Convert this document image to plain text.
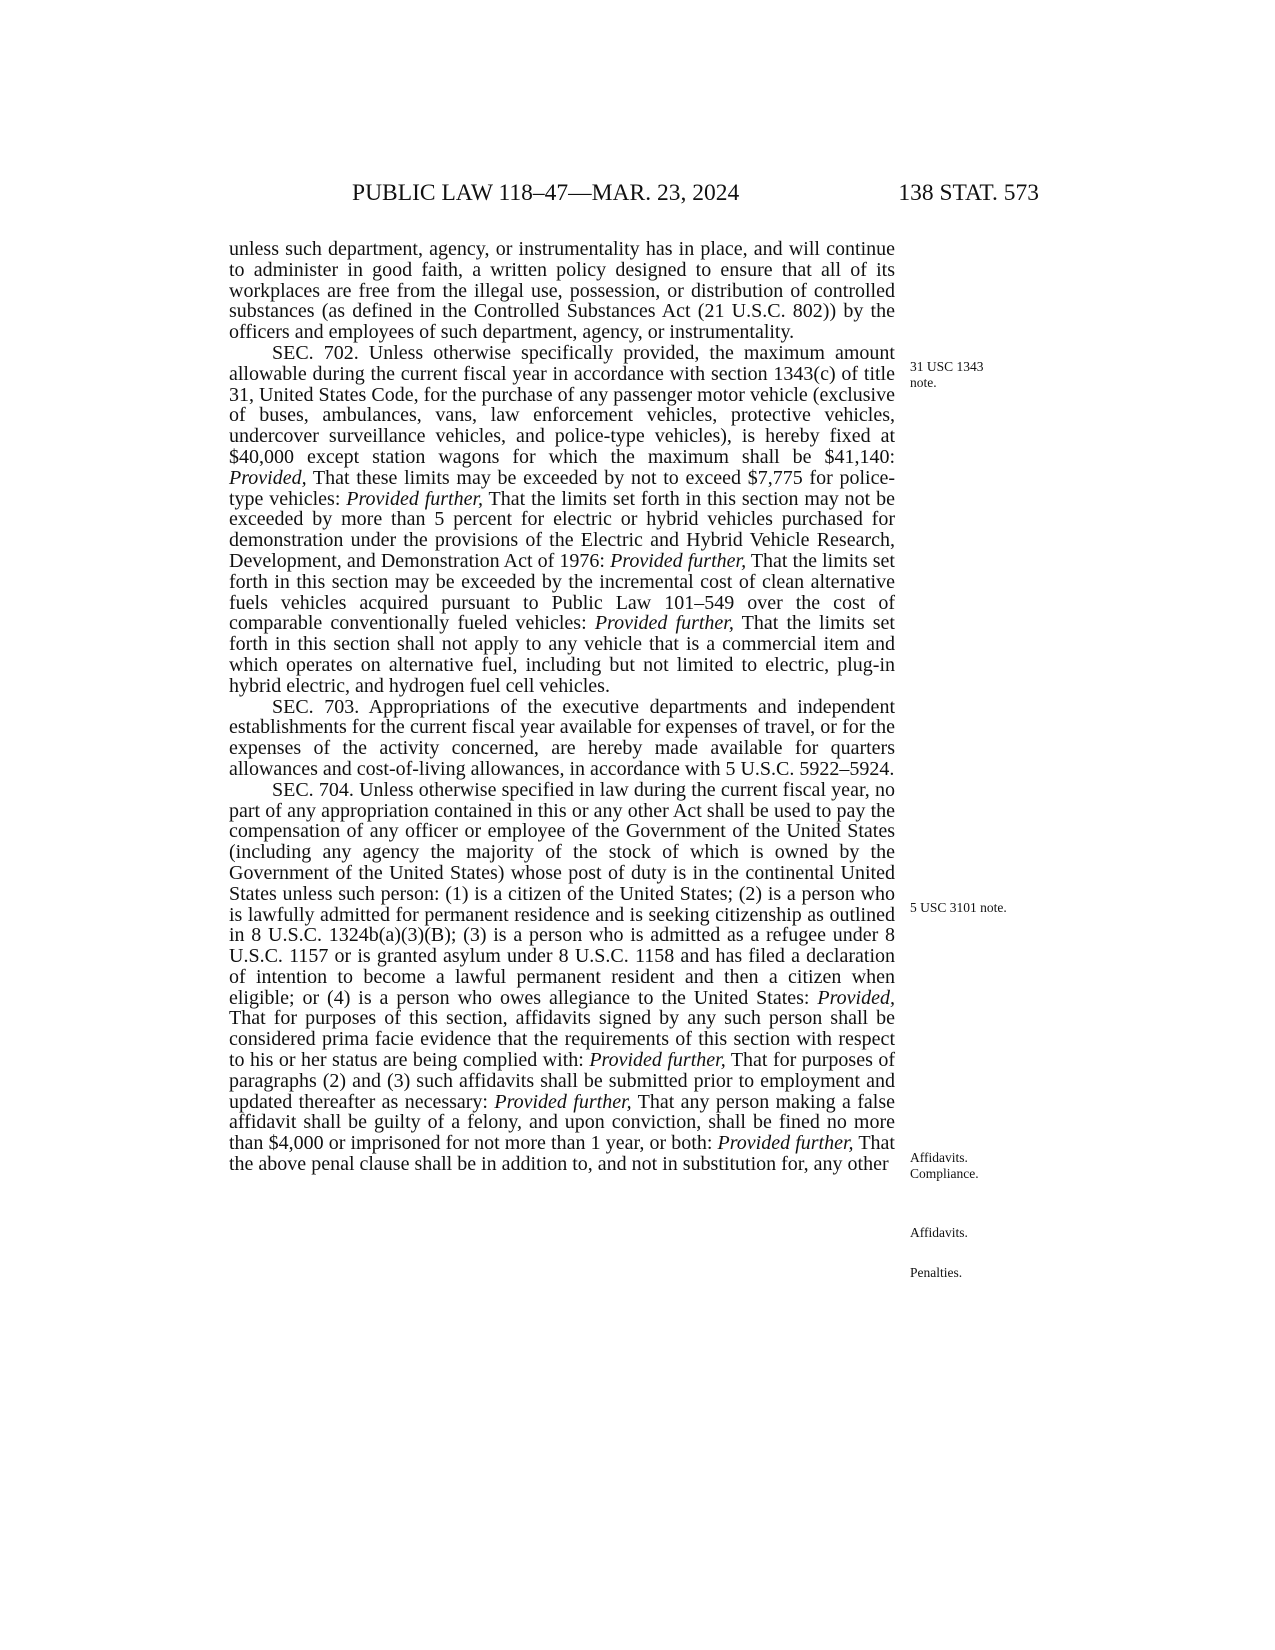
PUBLIC LAW 118–47—MAR. 23, 2024	138 STAT. 573

unless such department, agency, or instrumentality has in place, and will continue to administer in good faith, a written policy designed to ensure that all of its workplaces are free from the illegal use, possession, or distribution of controlled substances (as defined in the Controlled Substances Act (21 U.S.C. 802)) by the officers and employees of such department, agency, or instrumentality.

SEC. 702. Unless otherwise specifically provided, the maximum amount allowable during the current fiscal year in accordance with section 1343(c) of title 31, United States Code, for the purchase of any passenger motor vehicle (exclusive of buses, ambulances, vans, law enforcement vehicles, protective vehicles, undercover surveillance vehicles, and police-type vehicles), is hereby fixed at $40,000 except station wagons for which the maximum shall be $41,140: Provided, That these limits may be exceeded by not to exceed $7,775 for police-type vehicles: Provided further, That the limits set forth in this section may not be exceeded by more than 5 percent for electric or hybrid vehicles purchased for demonstration under the provisions of the Electric and Hybrid Vehicle Research, Development, and Demonstration Act of 1976: Provided further, That the limits set forth in this section may be exceeded by the incremental cost of clean alternative fuels vehicles acquired pursuant to Public Law 101–549 over the cost of comparable conventionally fueled vehicles: Provided further, That the limits set forth in this section shall not apply to any vehicle that is a commercial item and which operates on alternative fuel, including but not limited to electric, plug-in hybrid electric, and hydrogen fuel cell vehicles.

SEC. 703. Appropriations of the executive departments and independent establishments for the current fiscal year available for expenses of travel, or for the expenses of the activity concerned, are hereby made available for quarters allowances and cost-of-living allowances, in accordance with 5 U.S.C. 5922–5924.

SEC. 704. Unless otherwise specified in law during the current fiscal year, no part of any appropriation contained in this or any other Act shall be used to pay the compensation of any officer or employee of the Government of the United States (including any agency the majority of the stock of which is owned by the Government of the United States) whose post of duty is in the continental United States unless such person: (1) is a citizen of the United States; (2) is a person who is lawfully admitted for permanent residence and is seeking citizenship as outlined in 8 U.S.C. 1324b(a)(3)(B); (3) is a person who is admitted as a refugee under 8 U.S.C. 1157 or is granted asylum under 8 U.S.C. 1158 and has filed a declaration of intention to become a lawful permanent resident and then a citizen when eligible; or (4) is a person who owes allegiance to the United States: Provided, That for purposes of this section, affidavits signed by any such person shall be considered prima facie evidence that the requirements of this section with respect to his or her status are being complied with: Provided further, That for purposes of paragraphs (2) and (3) such affidavits shall be submitted prior to employment and updated thereafter as necessary: Provided further, That any person making a false affidavit shall be guilty of a felony, and upon conviction, shall be fined no more than $4,000 or imprisoned for not more than 1 year, or both: Provided further, That the above penal clause shall be in addition to, and not in substitution for, any other

31 USC 1343
note.
5 USC 3101 note.
Affidavits.
Compliance.
Affidavits.
Penalties.
